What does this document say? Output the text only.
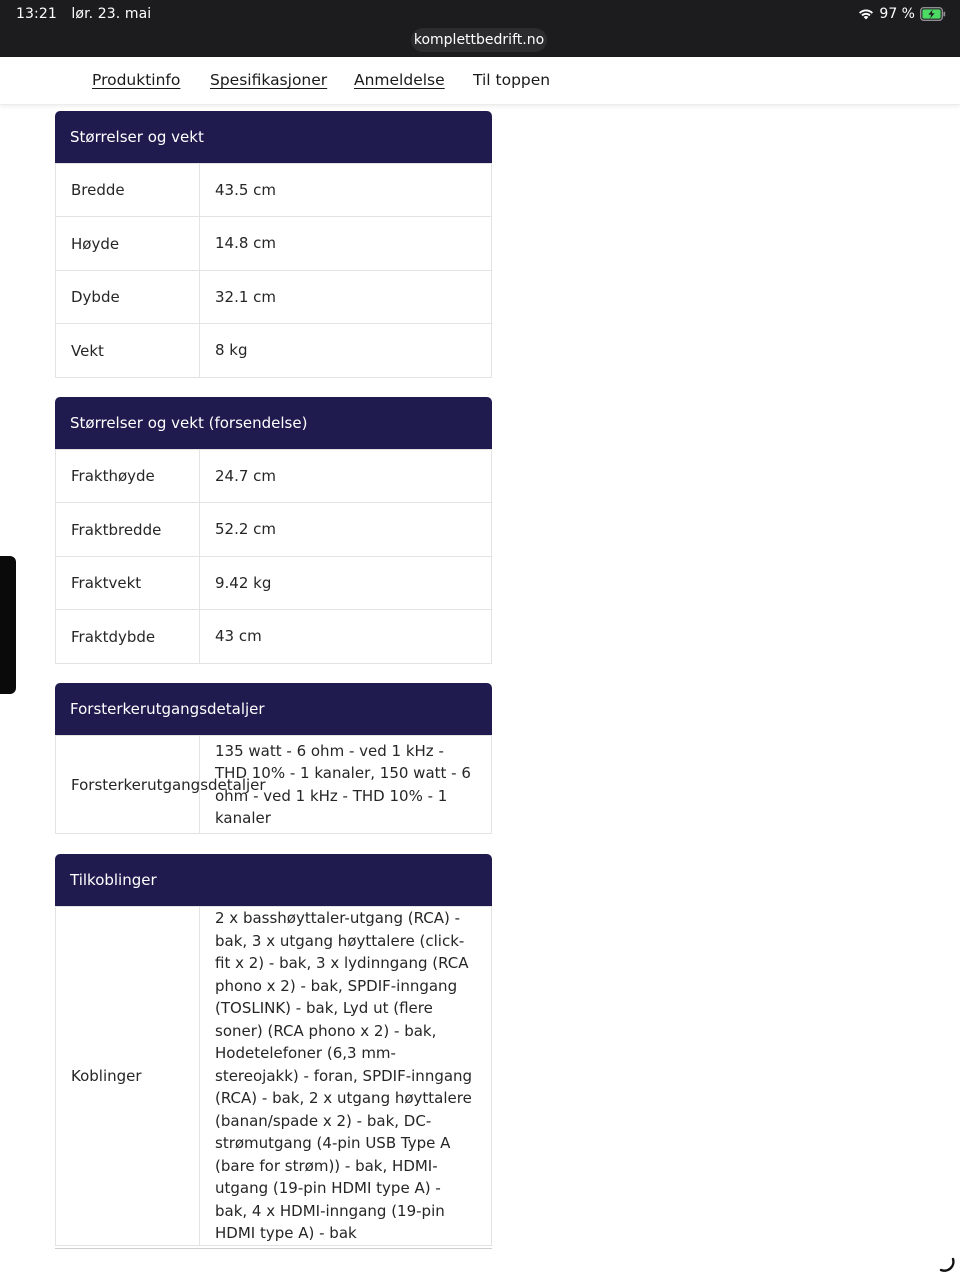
13:21 lør. 23. mai	97 %
komplettbedrift.no
Produktinfo Spesifikasjoner Anmeldelse Til toppen
Størrelser og vekt
Bredde	43.5 cm
Høyde	14.8 cm
Dybde	32.1 cm
Vekt	8 kg
Størrelser og vekt (forsendelse)
Frakthøyde	24.7 cm
Fraktbredde	52.2 cm
Fraktvekt	9.42 kg
Fraktdybde	43 cm
Forsterkerutgangsdetaljer
Forsterkerutgangsdetaljer	135 watt - 6 ohm - ved 1 kHz - THD 10% - 1 kanaler, 150 watt - 6 ohm - ved 1 kHz - THD 10% - 1 kanaler
Tilkoblinger
Koblinger	2 x basshøyttaler-utgang (RCA) - bak, 3 x utgang høyttalere (click-fit x 2) - bak, 3 x lydinngang (RCA phono x 2) - bak, SPDIF-inngang (TOSLINK) - bak, Lyd ut (flere soner) (RCA phono x 2) - bak, Hodetelefoner (6,3 mm-stereojakk) - foran, SPDIF-inngang (RCA) - bak, 2 x utgang høyttalere (banan/spade x 2) - bak, DC-strømutgang (4-pin USB Type A (bare for strøm)) - bak, HDMI-utgang (19-pin HDMI type A) - bak, 4 x HDMI-inngang (19-pin HDMI type A) - bak
